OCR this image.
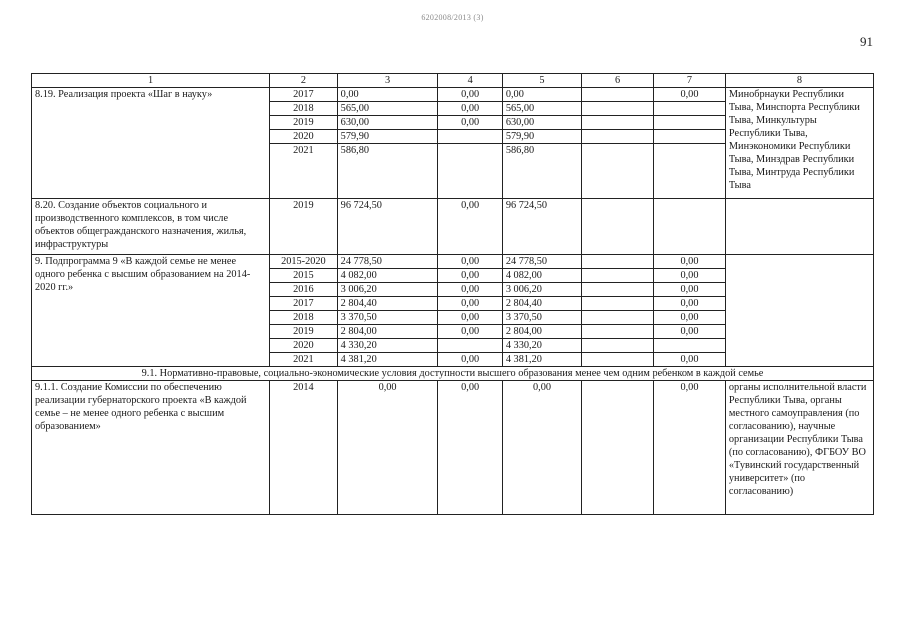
6202008/2013 (3)
91
1	2	3	4	5	6	7	8
8.19. Реализация проекта «Шаг в науку»	2017	0,00	0,00	0,00		0,00	Минобрнауки Республики Тыва, Минспорта Республики Тыва, Минкультуры Республики Тыва, Минэкономики Республики Тыва, Минздрав Республики Тыва, Минтруда Республики Тыва
	2018	565,00	0,00	565,00			
	2019	630,00	0,00	630,00			
	2020	579,90		579,90			
	2021	586,80		586,80			
8.20. Создание объектов социального и производственного комплексов, в том числе объектов общегражданского назначения, жилья, инфраструктуры	2019	96 724,50	0,00	96 724,50			
9. Подпрограмма 9 «В каждой семье не менее одного ребенка с высшим образованием на 2014-2020 гг.»	2015-2020	24 778,50	0,00	24 778,50		0,00	
	2015	4 082,00	0,00	4 082,00		0,00	
	2016	3 006,20	0,00	3 006,20		0,00	
	2017	2 804,40	0,00	2 804,40		0,00	
	2018	3 370,50	0,00	3 370,50		0,00	
	2019	2 804,00	0,00	2 804,00		0,00	
	2020	4 330,20		4 330,20			
	2021	4 381,20	0,00	4 381,20		0,00	
9.1. Нормативно-правовые, социально-экономические условия доступности высшего образования менее чем одним ребенком в каждой семье							
9.1.1. Создание Комиссии по обеспечению реализации губернаторского проекта «В каждой семье – не менее одного ребенка с высшим образованием»	2014	0,00	0,00	0,00		0,00	органы исполнительной власти Республики Тыва, органы местного самоуправления (по согласованию), научные организации Республики Тыва (по согласованию), ФГБОУ ВО «Тувинский государственный университет» (по согласованию)
